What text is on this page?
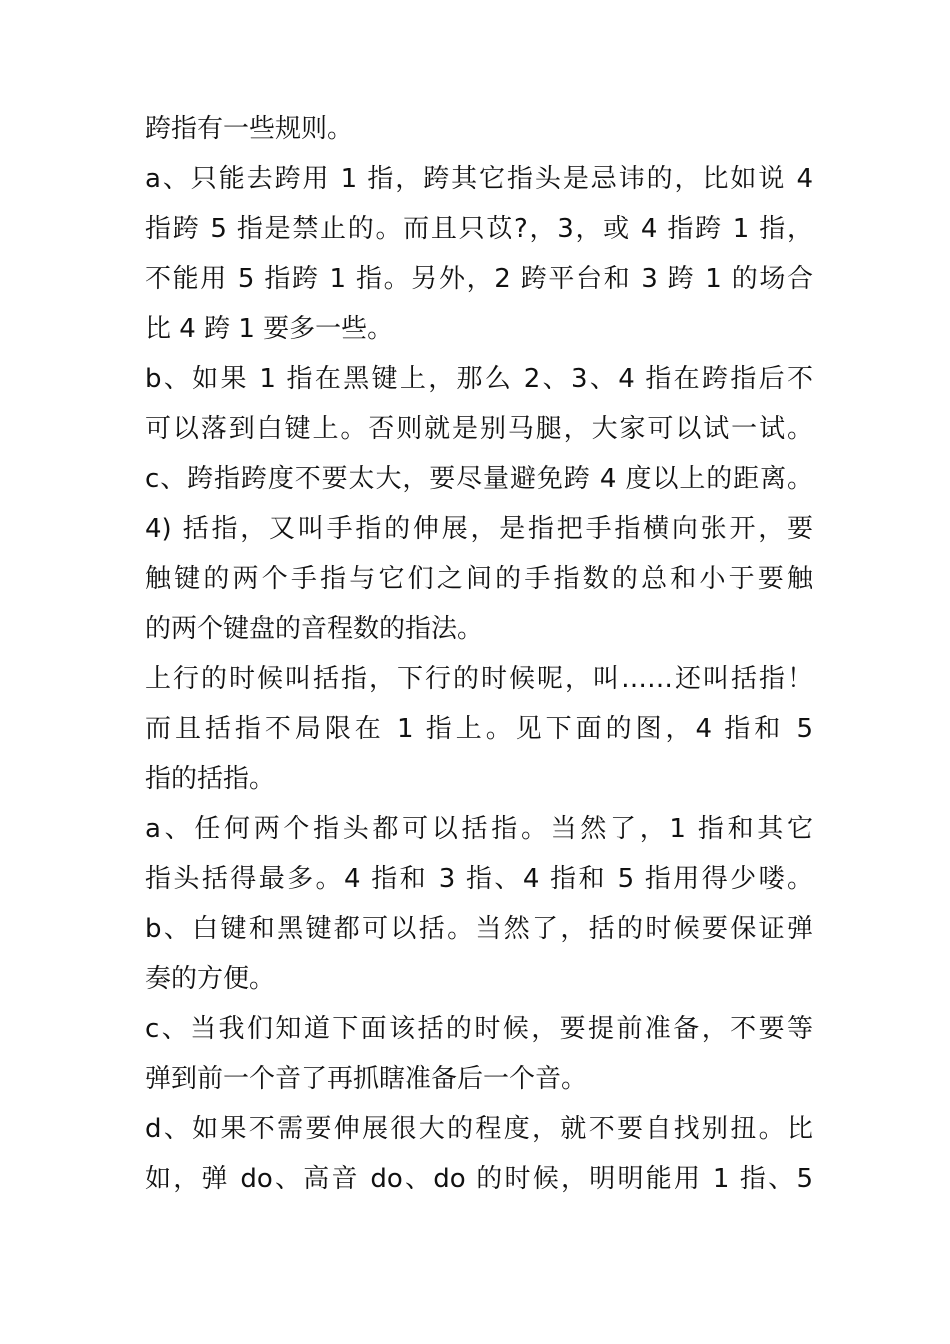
跨指有一些规则。
a、只能去跨用 1 指，跨其它指头是忌讳的，比如说 4
指跨 5 指是禁止的。而且只苡?，3，或 4 指跨 1 指，
不能用 5 指跨 1 指。另外，2 跨平台和 3 跨 1 的场合
比 4 跨 1 要多一些。
b、如果 1 指在黑键上，那么 2、3、4 指在跨指后不
可以落到白键上。否则就是别马腿，大家可以试一试。
c、跨指跨度不要太大，要尽量避免跨 4 度以上的距离。
4) 括指，又叫手指的伸展，是指把手指横向张开，要
触键的两个手指与它们之间的手指数的总和小于要触
的两个键盘的音程数的指法。
上行的时候叫括指，下行的时候呢，叫……还叫括指！
而且括指不局限在 1 指上。见下面的图，4 指和 5
指的括指。
a、任何两个指头都可以括指。当然了，1 指和其它
指头括得最多。4 指和 3 指、4 指和 5 指用得少喽。
b、白键和黑键都可以括。当然了，括的时候要保证弹
奏的方便。
c、当我们知道下面该括的时候，要提前准备，不要等
弹到前一个音了再抓瞎准备后一个音。
d、如果不需要伸展很大的程度，就不要自找别扭。比
如，弹 do、高音 do、do 的时候，明明能用 1 指、5
